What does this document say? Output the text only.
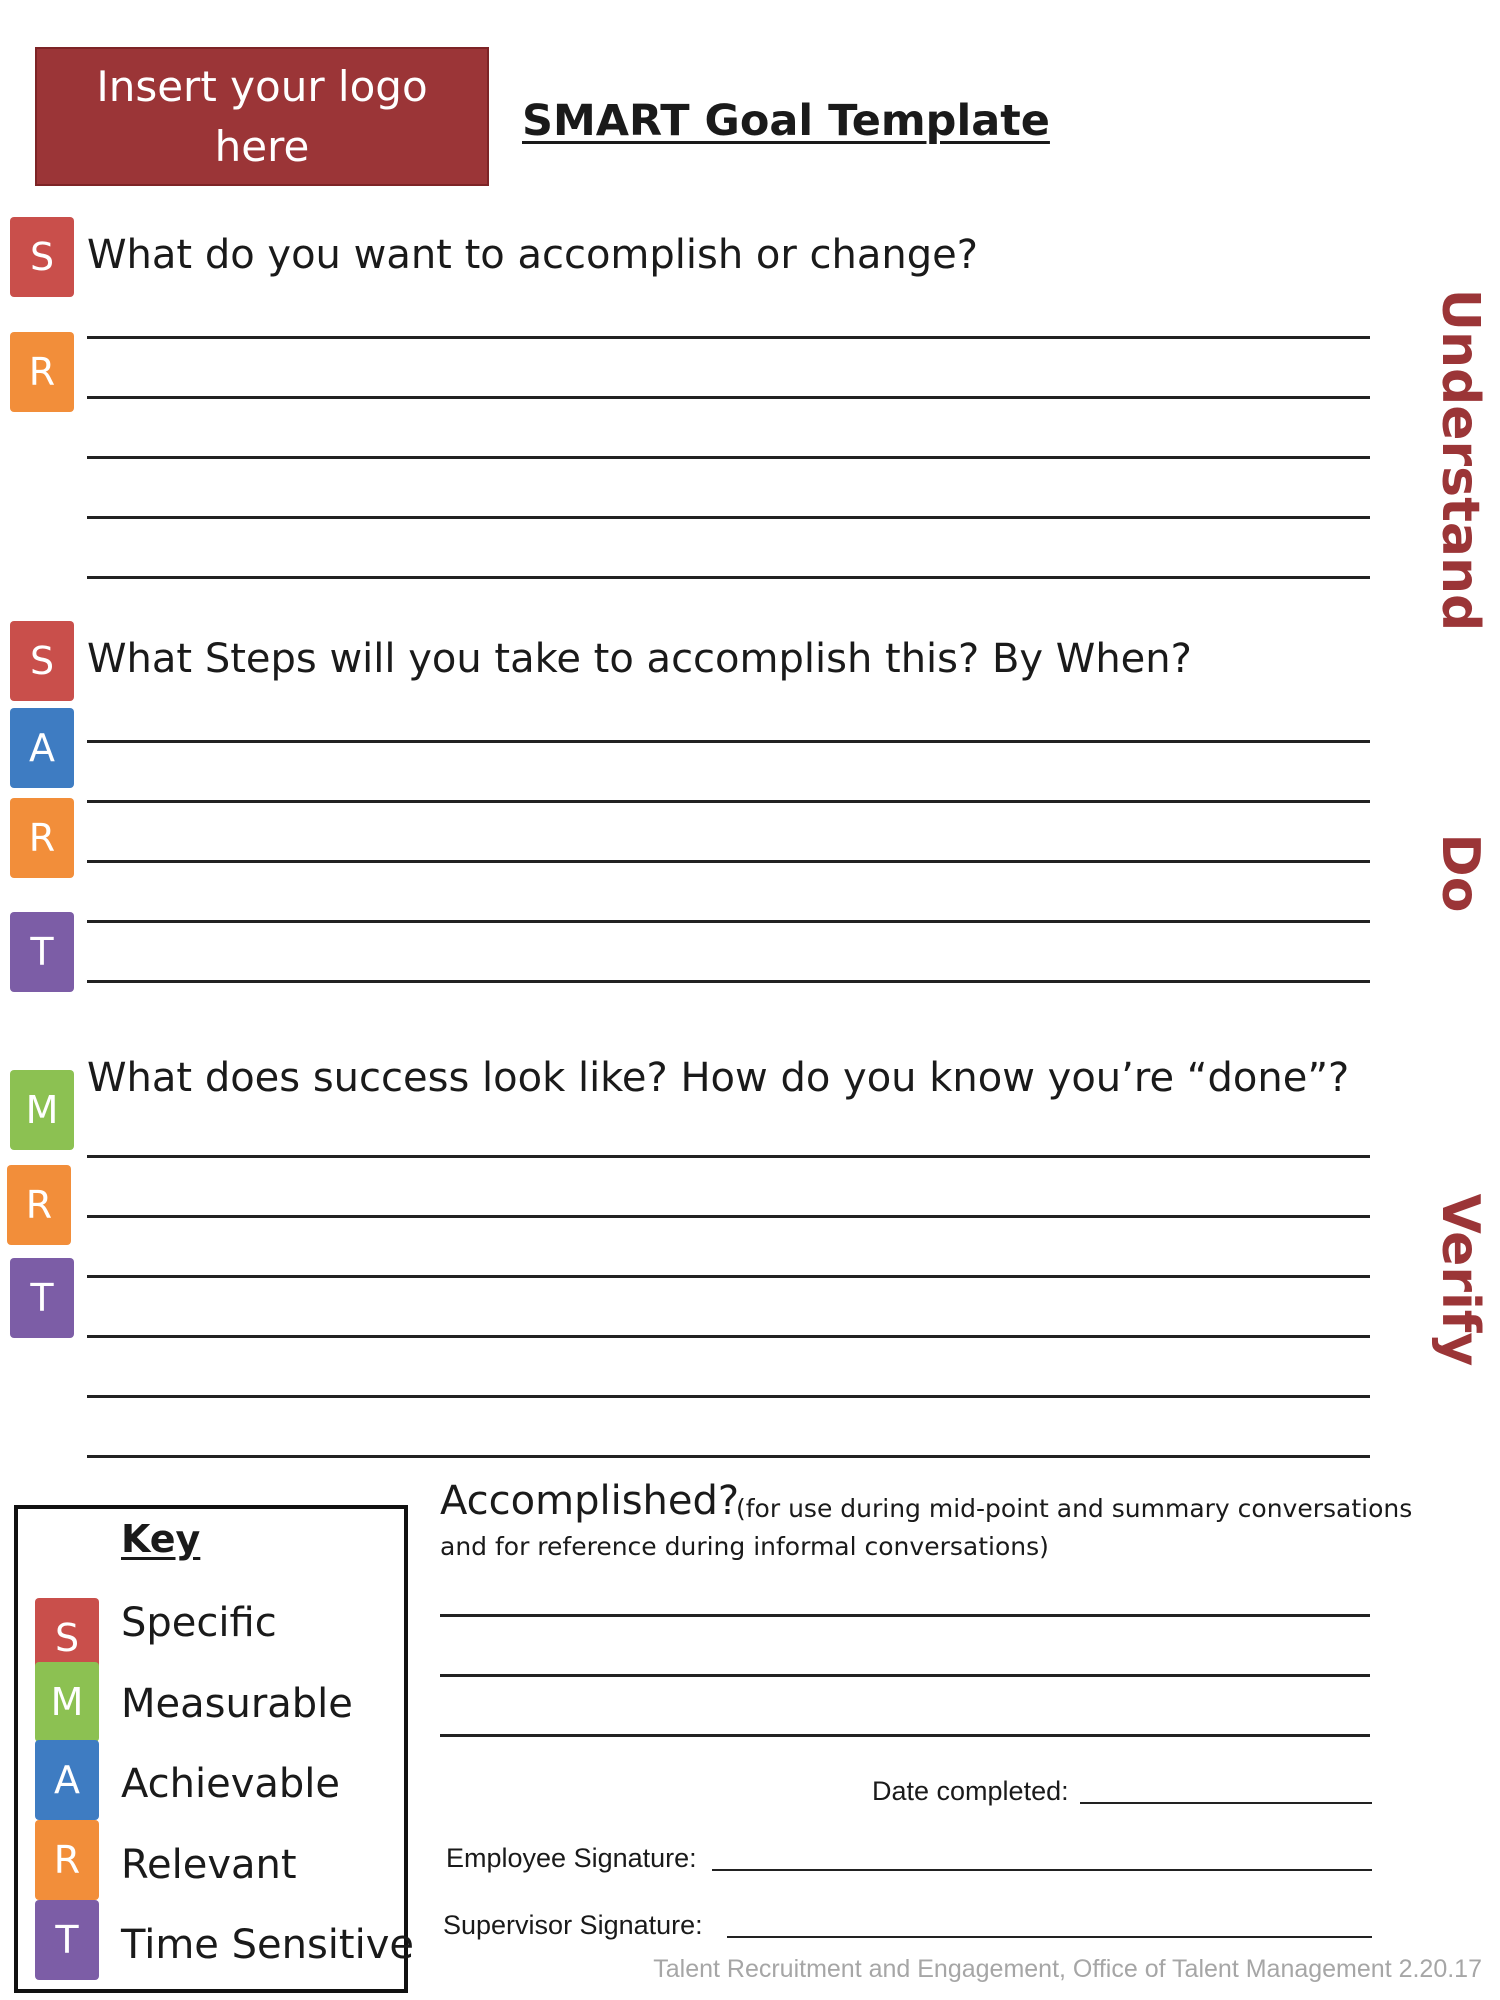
Insert your logo here	SMART Goal Template
S
R
What do you want to accomplish or change?
Understand
S
A
R
T
What Steps will you take to accomplish this? By When?
Do
M
R
T
What does success look like? How do you know you’re “done”?
Verify
Key
S	Specific
M Measurable
A	Achievable
R	Relevant
T	Time Sensitive
Accomplished?
(for use during mid-point and summary conversations
and for reference during informal conversations)
Date completed:
Employee Signature:
Supervisor Signature:
Talent Recruitment and Engagement, Office of Talent Management 2.20.17
